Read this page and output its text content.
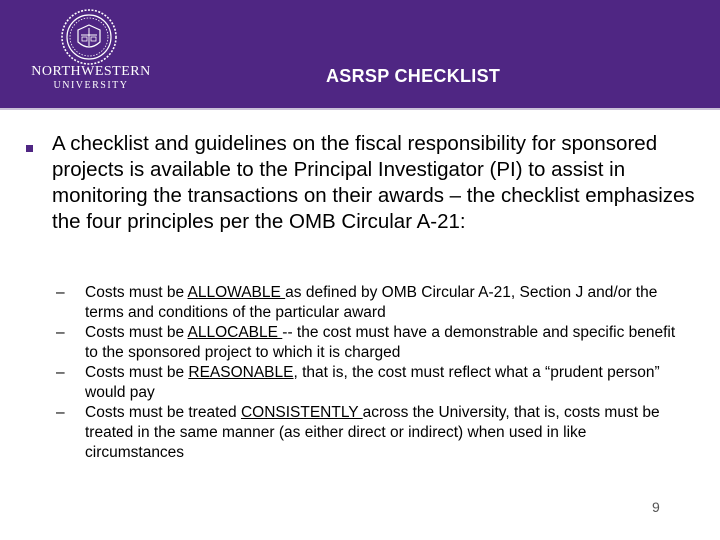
NORTHWESTERN
UNIVERSITY	ASRSP CHECKLIST
A checklist and guidelines on the fiscal responsibility for sponsored projects is available to the Principal Investigator (PI) to assist in monitoring the transactions on their awards – the checklist emphasizes the four principles per the OMB Circular A-21:
– Costs must be ALLOWABLE as defined by OMB Circular A-21, Section J and/or the terms and conditions of the particular award
– Costs must be ALLOCABLE -- the cost must have a demonstrable and specific benefit to the sponsored project to which it is charged
– Costs must be REASONABLE, that is, the cost must reflect what a “prudent person” would pay
– Costs must be treated CONSISTENTLY across the University, that is, costs must be treated in the same manner (as either direct or indirect) when used in like circumstances
9
